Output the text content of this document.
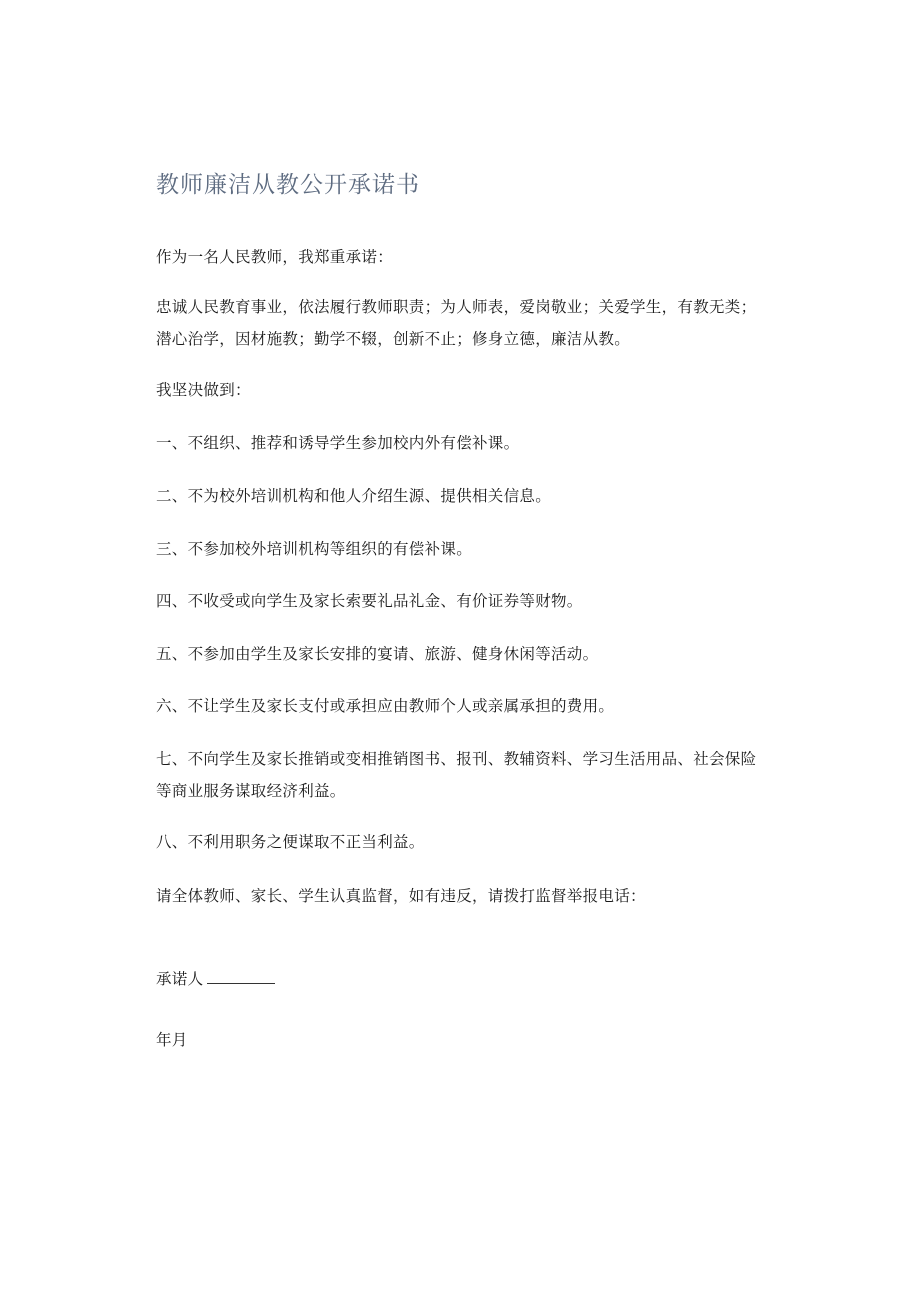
教师廉洁从教公开承诺书

作为一名人民教师，我郑重承诺：

忠诚人民教育事业，依法履行教师职责；为人师表，爱岗敬业；关爱学生，有教无类；潜心治学，因材施教；勤学不辍，创新不止；修身立德，廉洁从教。

我坚决做到：

一、不组织、推荐和诱导学生参加校内外有偿补课。

二、不为校外培训机构和他人介绍生源、提供相关信息。

三、不参加校外培训机构等组织的有偿补课。

四、不收受或向学生及家长索要礼品礼金、有价证券等财物。

五、不参加由学生及家长安排的宴请、旅游、健身休闲等活动。

六、不让学生及家长支付或承担应由教师个人或亲属承担的费用。

七、不向学生及家长推销或变相推销图书、报刊、教辅资料、学习生活用品、社会保险等商业服务谋取经济利益。

八、不利用职务之便谋取不正当利益。

请全体教师、家长、学生认真监督，如有违反，请拨打监督举报电话：

承诺人

年月
